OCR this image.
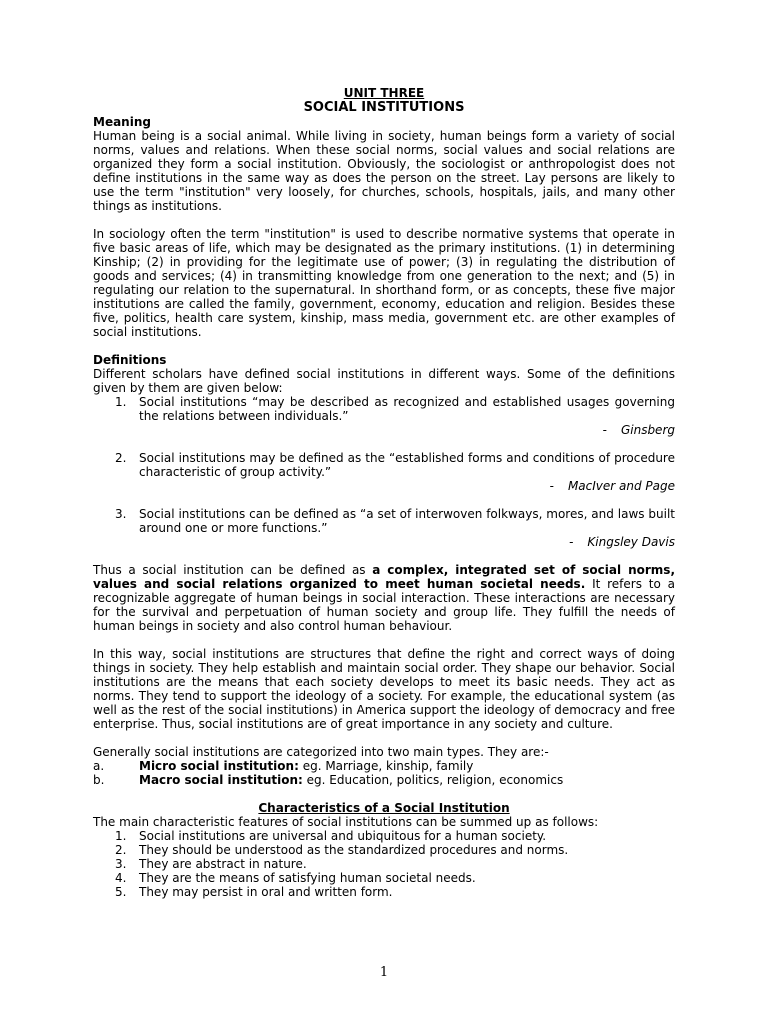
UNIT THREE
SOCIAL INSTITUTIONS
Meaning

Human being is a social animal. While living in society, human beings form a variety of social norms, values and relations. When these social norms, social values and social relations are organized they form a social institution. Obviously, the sociologist or anthropologist does not define institutions in the same way as does the person on the street. Lay persons are likely to use the term "institution" very loosely, for churches, schools, hospitals, jails, and many other things as institutions.

In sociology often the term "institution" is used to describe normative systems that operate in five basic areas of life, which may be designated as the primary institutions. (1) in determining Kinship; (2) in providing for the legitimate use of power; (3) in regulating the distribution of goods and services; (4) in transmitting knowledge from one generation to the next; and (5) in regulating our relation to the supernatural. In shorthand form, or as concepts, these five major institutions are called the family, government, economy, education and religion. Besides these five, politics, health care system, kinship, mass media, government etc. are other examples of social institutions.

Definitions

Different scholars have defined social institutions in different ways. Some of the definitions given by them are given below:

1. Social institutions “may be described as recognized and established usages governing the relations between individuals.”
- Ginsberg
2. Social institutions may be defined as the “established forms and conditions of procedure characteristic of group activity.”
- MacIver and Page
3. Social institutions can be defined as “a set of interwoven folkways, mores, and laws built around one or more functions.”
- Kingsley Davis

Thus a social institution can be defined as a complex, integrated set of social norms, values and social relations organized to meet human societal needs. It refers to a recognizable aggregate of human beings in social interaction. These interactions are necessary for the survival and perpetuation of human society and group life. They fulfill the needs of human beings in society and also control human behaviour.

In this way, social institutions are structures that define the right and correct ways of doing things in society. They help establish and maintain social order. They shape our behavior. Social institutions are the means that each society develops to meet its basic needs. They act as norms. They tend to support the ideology of a society. For example, the educational system (as well as the rest of the social institutions) in America support the ideology of democracy and free enterprise. Thus, social institutions are of great importance in any society and culture.

Generally social institutions are categorized into two main types. They are:-

a.	Micro social institution: eg. Marriage, kinship, family
b.	Macro social institution: eg. Education, politics, religion, economics
Characteristics of a Social Institution

The main characteristic features of social institutions can be summed up as follows:

1. Social institutions are universal and ubiquitous for a human society.
2. They should be understood as the standardized procedures and norms.
3. They are abstract in nature.
4. They are the means of satisfying human societal needs.
5. They may persist in oral and written form.
1
